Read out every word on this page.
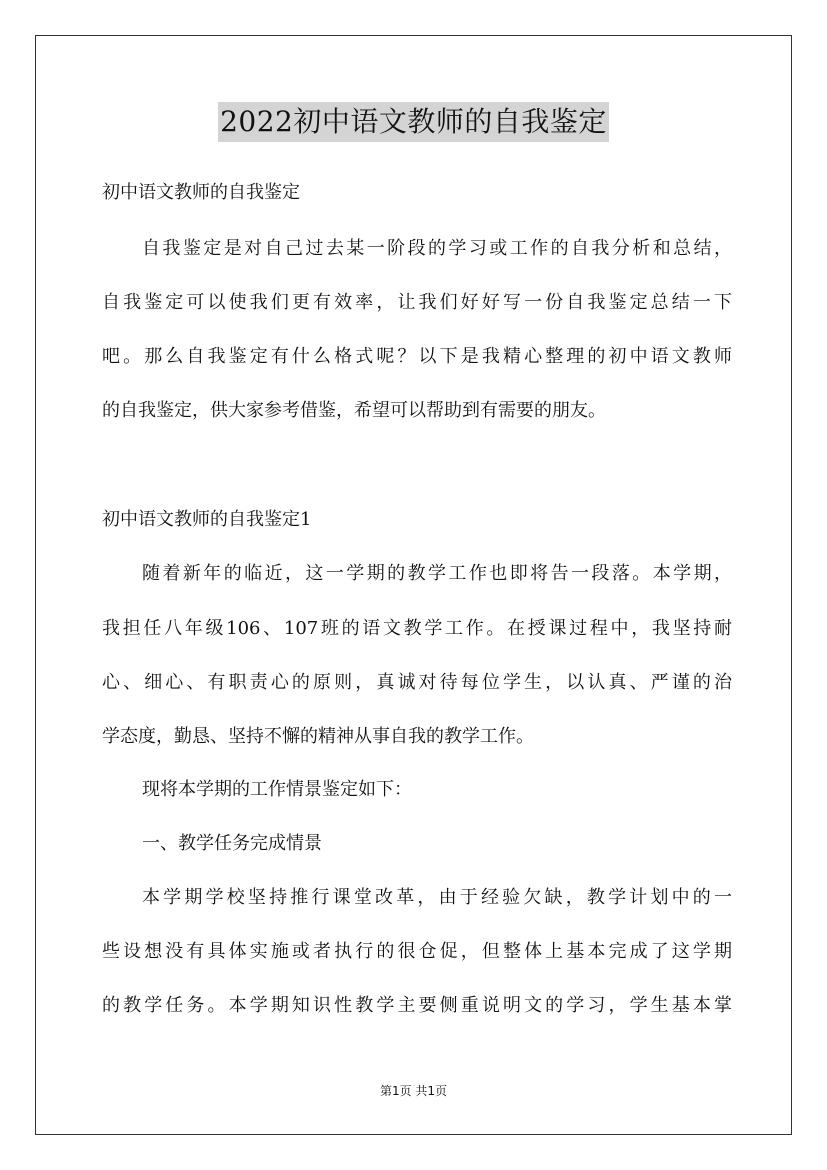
2022初中语文教师的自我鉴定
初中语文教师的自我鉴定
自我鉴定是对自己过去某一阶段的学习或工作的自我分析和总结，
自我鉴定可以使我们更有效率，让我们好好写一份自我鉴定总结一下
吧。那么自我鉴定有什么格式呢？以下是我精心整理的初中语文教师
的自我鉴定，供大家参考借鉴，希望可以帮助到有需要的朋友。
初中语文教师的自我鉴定1
随着新年的临近，这一学期的教学工作也即将告一段落。本学期，
我担任八年级106、107班的语文教学工作。在授课过程中，我坚持耐
心、细心、有职责心的原则，真诚对待每位学生，以认真、严谨的治
学态度，勤恳、坚持不懈的精神从事自我的教学工作。
现将本学期的工作情景鉴定如下：
一、教学任务完成情景
本学期学校坚持推行课堂改革，由于经验欠缺，教学计划中的一
些设想没有具体实施或者执行的很仓促，但整体上基本完成了这学期
的教学任务。本学期知识性教学主要侧重说明文的学习，学生基本掌
第1页 共1页
